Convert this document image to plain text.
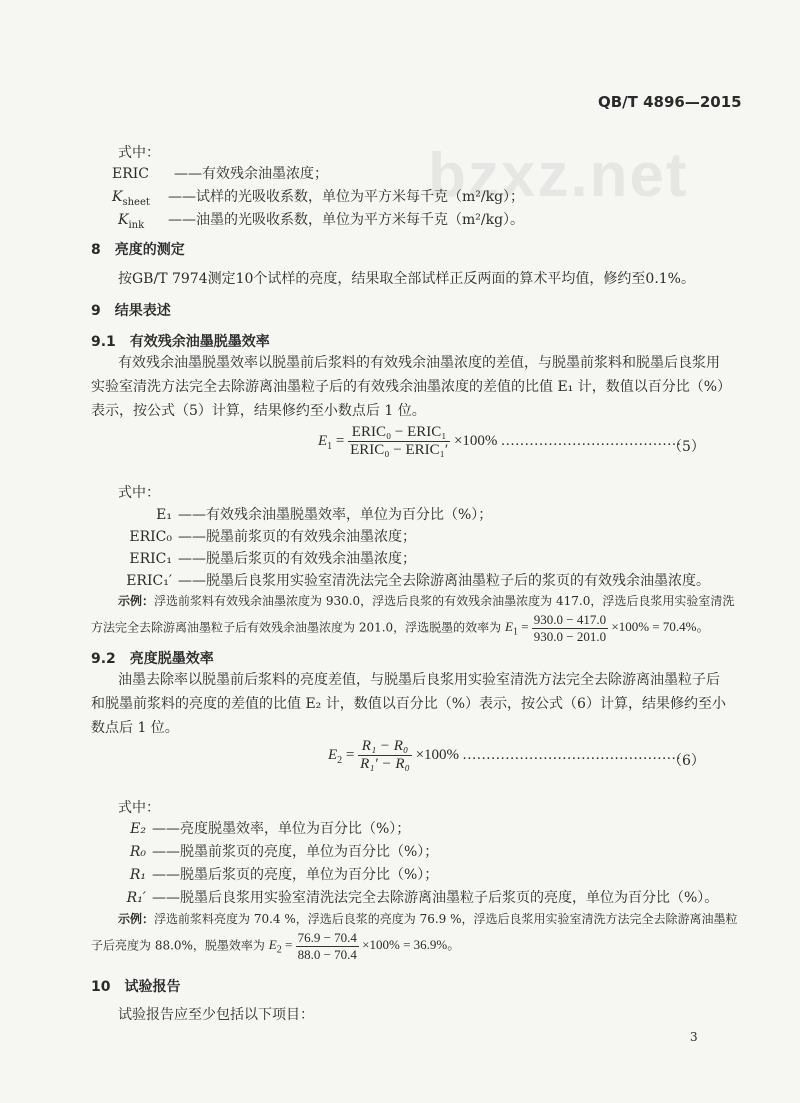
bzxz.net
QB/T 4896—2015
式中：
ERIC ——有效残余油墨浓度；
$K_{sheet}$ ——试样的光吸收系数，单位为平方米每千克（m²/kg）；
$K_{ink}$ ——油墨的光吸收系数，单位为平方米每千克（m²/kg）。
8　亮度的测定
按GB/T 7974测定10个试样的亮度，结果取全部试样正反两面的算术平均值，修约至0.1%。
9　结果表述
9.1　有效残余油墨脱墨效率
有效残余油墨脱墨效率以脱墨前后浆料的有效残余油墨浓度的差值，与脱墨前浆料和脱墨后良浆用
实验室清洗方法完全去除游离油墨粒子后的有效残余油墨浓度的差值的比值 E₁ 计，数值以百分比（%）
表示，按公式（5）计算，结果修约至小数点后 1 位。
$E_1 = \frac{\text{ERIC₀ − ERIC₁}}{\text{ERIC₀ − ERIC₁′}} \times 100\%$ ......................................
（5）
式中：
E₁ ——有效残余油墨脱墨效率，单位为百分比（%）；
ERIC₀ ——脱墨前浆页的有效残余油墨浓度；
ERIC₁ ——脱墨后浆页的有效残余油墨浓度；
ERIC₁′ ——脱墨后良浆用实验室清洗法完全去除游离油墨粒子后的浆页的有效残余油墨浓度。
示例：浮选前浆料有效残余油墨浓度为 930.0，浮选后良浆的有效残余油墨浓度为 417.0，浮选后良浆用实验室清洗
方法完全去除游离油墨粒子后有效残余油墨浓度为 201.0，浮选脱墨的效率为 $E_1 = \frac{930.0 - 417.0}{930.0 - 201.0} \times 100\% = 70.4\%$。
9.2　亮度脱墨效率
油墨去除率以脱墨前后浆料的亮度差值，与脱墨后良浆用实验室清洗方法完全去除游离油墨粒子后
和脱墨前浆料的亮度的差值的比值 E₂ 计，数值以百分比（%）表示，按公式（6）计算，结果修约至小
数点后 1 位。
$E_2 = \frac{\text{R₁ − R₀}}{\text{R₁′ − R₀}} \times 100\%$ ..............................................
（6）
式中：
E₂ ——亮度脱墨效率，单位为百分比（%）；
R₀ ——脱墨前浆页的亮度，单位为百分比（%）；
R₁ ——脱墨后浆页的亮度，单位为百分比（%）；
R₁′ ——脱墨后良浆用实验室清洗法完全去除游离油墨粒子后浆页的亮度，单位为百分比（%）。
示例：浮选前浆料亮度为 70.4 %，浮选后良浆的亮度为 76.9 %，浮选后良浆用实验室清洗方法完全去除游离油墨粒
子后亮度为 88.0%，脱墨效率为 $E_2 = \frac{76.9 - 70.4}{88.0 - 70.4} \times 100\% = 36.9\%$。
10　试验报告
试验报告应至少包括以下项目：
3
